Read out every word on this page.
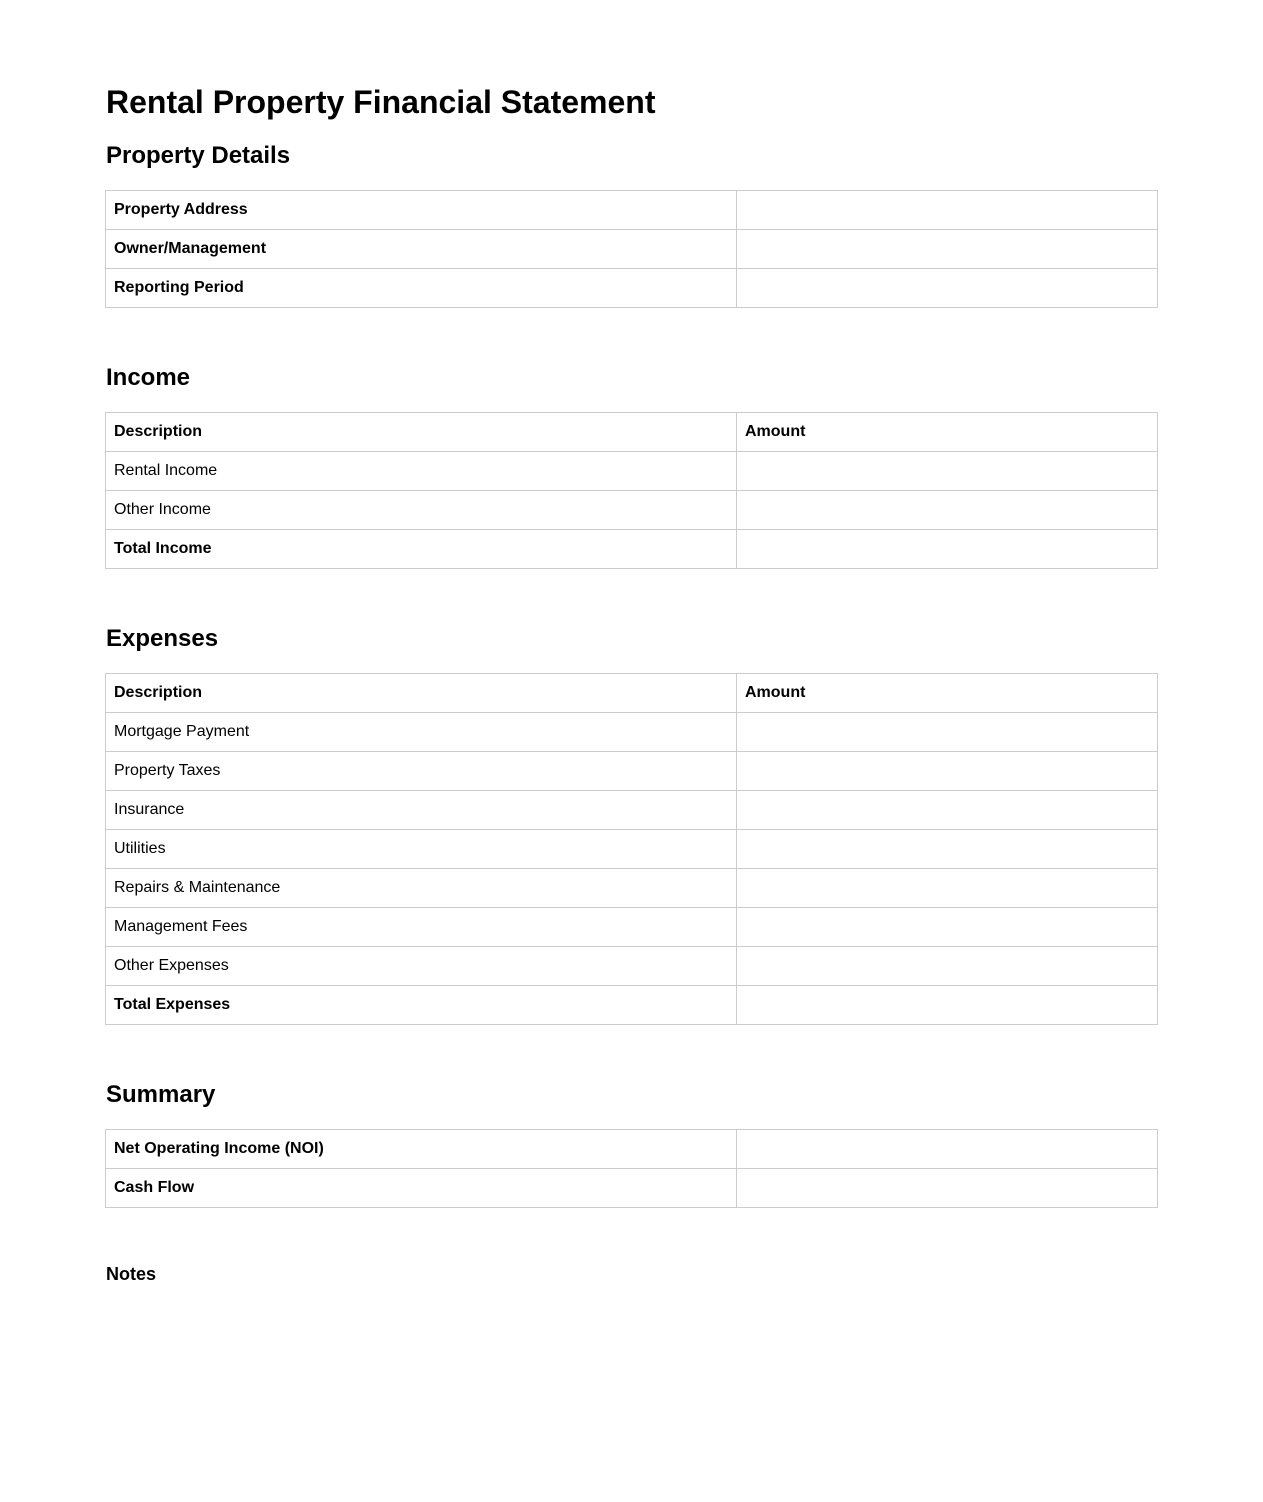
Rental Property Financial Statement
Property Details
Property Address	
Owner/Management	
Reporting Period	
Income
Description	Amount
Rental Income	
Other Income	
Total Income	
Expenses
Description	Amount
Mortgage Payment	
Property Taxes	
Insurance	
Utilities	
Repairs & Maintenance	
Management Fees	
Other Expenses	
Total Expenses	
Summary
Net Operating Income (NOI)	
Cash Flow	
Notes
